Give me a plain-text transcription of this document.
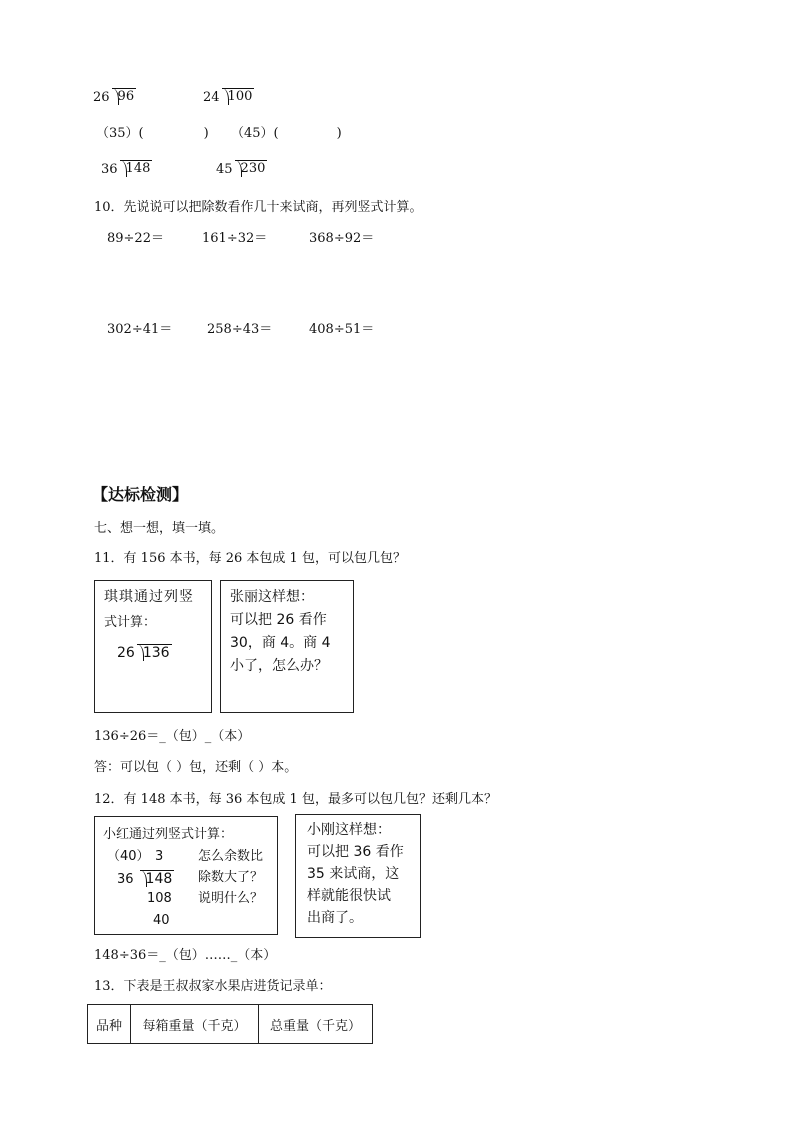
26 96	24 100
（35）(	) （45）(	)
36 148	45 230
10．先说说可以把除数看作几十来试商，再列竖式计算。
89÷22＝	161÷32＝	368÷92＝
302÷41＝	258÷43＝	408÷51＝
【达标检测】
七、想一想，填一填。
11．有 156 本书，每 26 本包成 1 包，可以包几包？
琪琪通过列竖
式计算：
26 136
张丽这样想：
可以把 26 看作
30，商 4。商 4
小了，怎么办？
136÷26＝_（包）_（本）
答：可以包（ ）包，还剩（ ）本。
12．有 148 本书，每 36 本包成 1 包，最多可以包几包？还剩几本？
小红通过列竖式计算：
（40） 3
36 148
108
40
怎么余数比
除数大了？
说明什么？
小刚这样想：
可以把 36 看作
35 来试商，这
样就能很快试
出商了。
148÷36＝_（包）……_（本）
13．下表是王叔叔家水果店进货记录单：
品种	每箱重量（千克）	总重量（千克）
